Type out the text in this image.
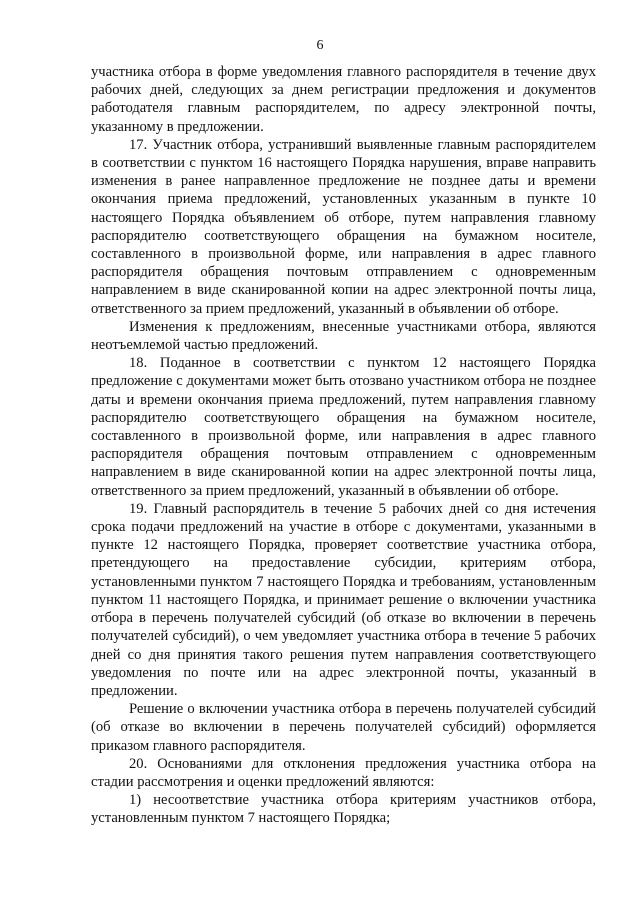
6

участника отбора в форме уведомления главного распорядителя в течение двух рабочих дней, следующих за днем регистрации предложения и документов работодателя главным распорядителем, по адресу электронной почты, указанному в предложении.

17. Участник отбора, устранивший выявленные главным распорядителем в соответствии с пунктом 16 настоящего Порядка нарушения, вправе направить изменения в ранее направленное предложение не позднее даты и времени окончания приема предложений, установленных указанным в пункте 10 настоящего Порядка объявлением об отборе, путем направления главному распорядителю соответствующего обращения на бумажном носителе, составленного в произвольной форме, или направления в адрес главного распорядителя обращения почтовым отправлением с одновременным направлением в виде сканированной копии на адрес электронной почты лица, ответственного за прием предложений, указанный в объявлении об отборе.

Изменения к предложениям, внесенные участниками отбора, являются неотъемлемой частью предложений.

18. Поданное в соответствии с пунктом 12 настоящего Порядка предложение с документами может быть отозвано участником отбора не позднее даты и времени окончания приема предложений, путем направления главному распорядителю соответствующего обращения на бумажном носителе, составленного в произвольной форме, или направления в адрес главного распорядителя обращения почтовым отправлением с одновременным направлением в виде сканированной копии на адрес электронной почты лица, ответственного за прием предложений, указанный в объявлении об отборе.

19. Главный распорядитель в течение 5 рабочих дней со дня истечения срока подачи предложений на участие в отборе с документами, указанными в пункте 12 настоящего Порядка, проверяет соответствие участника отбора, претендующего на предоставление субсидии, критериям отбора, установленными пунктом 7 настоящего Порядка и требованиям, установленным пунктом 11 настоящего Порядка, и принимает решение о включении участника отбора в перечень получателей субсидий (об отказе во включении в перечень получателей субсидий), о чем уведомляет участника отбора в течение 5 рабочих дней со дня принятия такого решения путем направления соответствующего уведомления по почте или на адрес электронной почты, указанный в предложении.

Решение о включении участника отбора в перечень получателей субсидий (об отказе во включении в перечень получателей субсидий) оформляется приказом главного распорядителя.

20. Основаниями для отклонения предложения участника отбора на стадии рассмотрения и оценки предложений являются:

1) несоответствие участника отбора критериям участников отбора, установленным пунктом 7 настоящего Порядка;
